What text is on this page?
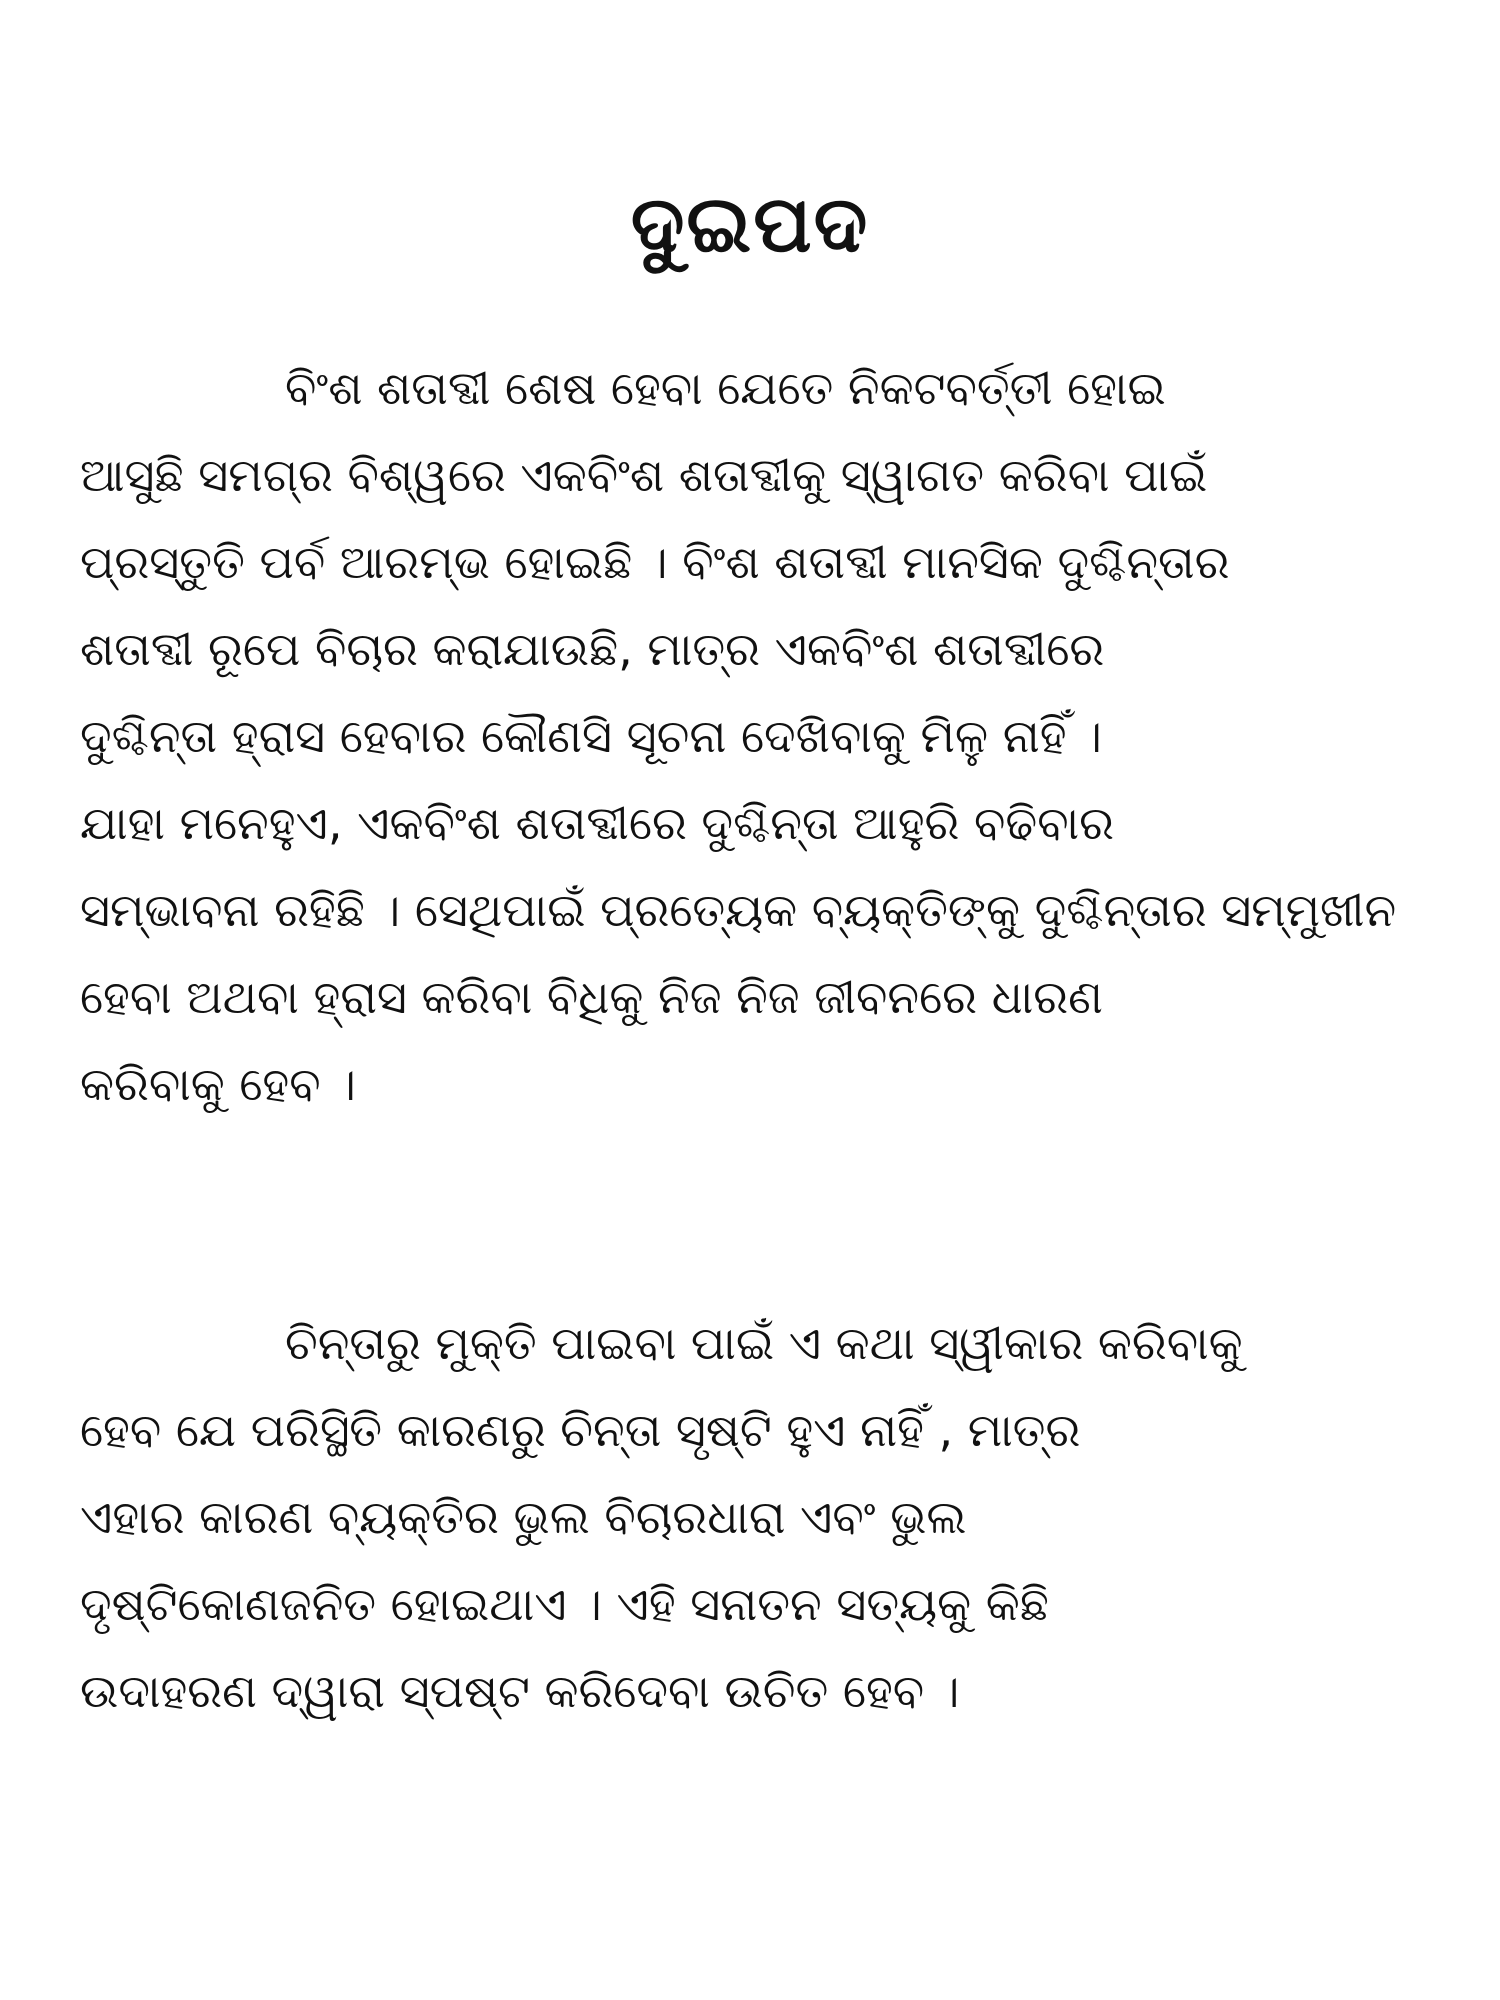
ଦୁଇପଦ
ବିଂଶ ଶତାବ୍ଦୀ ଶେଷ ହେବା ଯେତେ ନିକଟବର୍ତ୍ତୀ ହୋଇ
ଆସୁଛି ସମଗ୍ର ବିଶ୍ୱରେ ଏକବିଂଶ ଶତାବ୍ଦୀକୁ ସ୍ୱାଗତ କରିବା ପାଇଁ
ପ୍ରସ୍ତୁତି ପର୍ବ ଆରମ୍ଭ ହୋଇଛି । ବିଂଶ ଶତାବ୍ଦୀ ମାନସିକ ଦୁଶ୍ଚିନ୍ତାର
ଶତାବ୍ଦୀ ରୂପେ ବିଚାର କରାଯାଉଛି, ମାତ୍ର ଏକବିଂଶ ଶତାବ୍ଦୀରେ
ଦୁଶ୍ଚିନ୍ତା ହ୍ରାସ ହେବାର କୌଣସି ସୂଚନା ଦେଖିବାକୁ ମିଳୁ ନାହିଁ ।
ଯାହା ମନେହୁଏ, ଏକବିଂଶ ଶତାବ୍ଦୀରେ ଦୁଶ୍ଚିନ୍ତା ଆହୁରି ବଢିବାର
ସମ୍ଭାବନା ରହିଛି । ସେଥିପାଇଁ ପ୍ରତ୍ୟେକ ବ୍ୟକ୍ତିଙ୍କୁ ଦୁଶ୍ଚିନ୍ତାର ସମ୍ମୁଖୀନ
ହେବା ଅଥବା ହ୍ରାସ କରିବା ବିଧିକୁ ନିଜ ନିଜ ଜୀବନରେ ଧାରଣ
କରିବାକୁ ହେବ ।
ଚିନ୍ତାରୁ ମୁକ୍ତି ପାଇବା ପାଇଁ ଏ କଥା ସ୍ୱୀକାର କରିବାକୁ
ହେବ ଯେ ପରିସ୍ଥିତି କାରଣରୁ ଚିନ୍ତା ସୃଷ୍ଟି ହୁଏ ନାହିଁ , ମାତ୍ର
ଏହାର କାରଣ ବ୍ୟକ୍ତିର ଭୁଲ ବିଚାରଧାରା ଏବଂ ଭୁଲ
ଦୃଷ୍ଟିକୋଣଜନିତ ହୋଇଥାଏ । ଏହି ସନାତନ ସତ୍ୟକୁ କିଛି
ଉଦାହରଣ ଦ୍ୱାରା ସ୍ପଷ୍ଟ କରିଦେବା ଉଚିତ ହେବ ।
